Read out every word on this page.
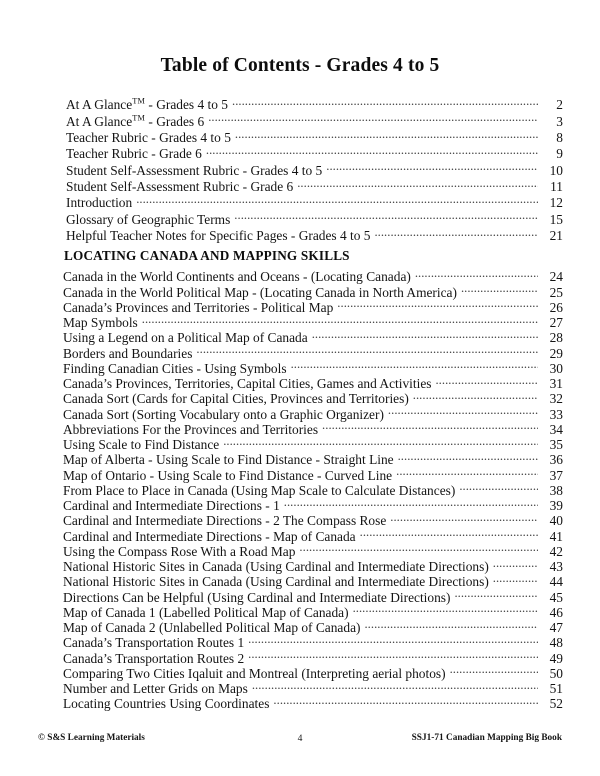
Table of Contents - Grades 4 to 5
At A Glance™ - Grades 4 to 5 . . .	2
At A Glance™ - Grades 6 . . .	3
Teacher Rubric - Grades 4 to 5 . . .	8
Teacher Rubric - Grade 6 . . .	9
Student Self-Assessment Rubric - Grades 4 to 5 . . .	10
Student Self-Assessment Rubric - Grade 6 . . .	11
Introduction . . .	12
Glossary of Geographic Terms . . .	15
Helpful Teacher Notes for Specific Pages - Grades 4 to 5 . . .	21
LOCATING CANADA AND MAPPING SKILLS
Canada in the World Continents and Oceans - (Locating Canada) . . .	24
Canada in the World Political Map - (Locating Canada in North America) . . .	25
Canada’s Provinces and Territories - Political Map . . .	26
Map Symbols . . .	27
Using a Legend on a Political Map of Canada . . .	28
Borders and Boundaries . . .	29
Finding Canadian Cities - Using Symbols . . .	30
Canada’s Provinces, Territories, Capital Cities, Games and Activities . . .	31
Canada Sort (Cards for Capital Cities, Provinces and Territories) . . .	32
Canada Sort (Sorting Vocabulary onto a Graphic Organizer) . . .	33
Abbreviations For the Provinces and Territories . . .	34
Using Scale to Find Distance . . .	35
Map of Alberta - Using Scale to Find Distance - Straight Line . . .	36
Map of Ontario - Using Scale to Find Distance - Curved Line . . .	37
From Place to Place in Canada (Using Map Scale to Calculate Distances) . . .	38
Cardinal and Intermediate Directions - 1 . . .	39
Cardinal and Intermediate Directions - 2 The Compass Rose . . .	40
Cardinal and Intermediate Directions - Map of Canada . . .	41
Using the Compass Rose With a Road Map . . .	42
National Historic Sites in Canada (Using Cardinal and Intermediate Directions) . . .	43
National Historic Sites in Canada (Using Cardinal and Intermediate Directions) . . .	44
Directions Can be Helpful (Using Cardinal and Intermediate Directions) . . .	45
Map of Canada 1 (Labelled Political Map of Canada) . . .	46
Map of Canada 2 (Unlabelled Political Map of Canada) . . .	47
Canada’s Transportation Routes 1 . . .	48
Canada’s Transportation Routes 2 . . .	49
Comparing Two Cities Iqaluit and Montreal (Interpreting aerial photos) . . .	50
Number and Letter Grids on Maps . . .	51
Locating Countries Using Coordinates . . .	52
© S&S Learning Materials	4	SSJ1-71 Canadian Mapping Big Book
